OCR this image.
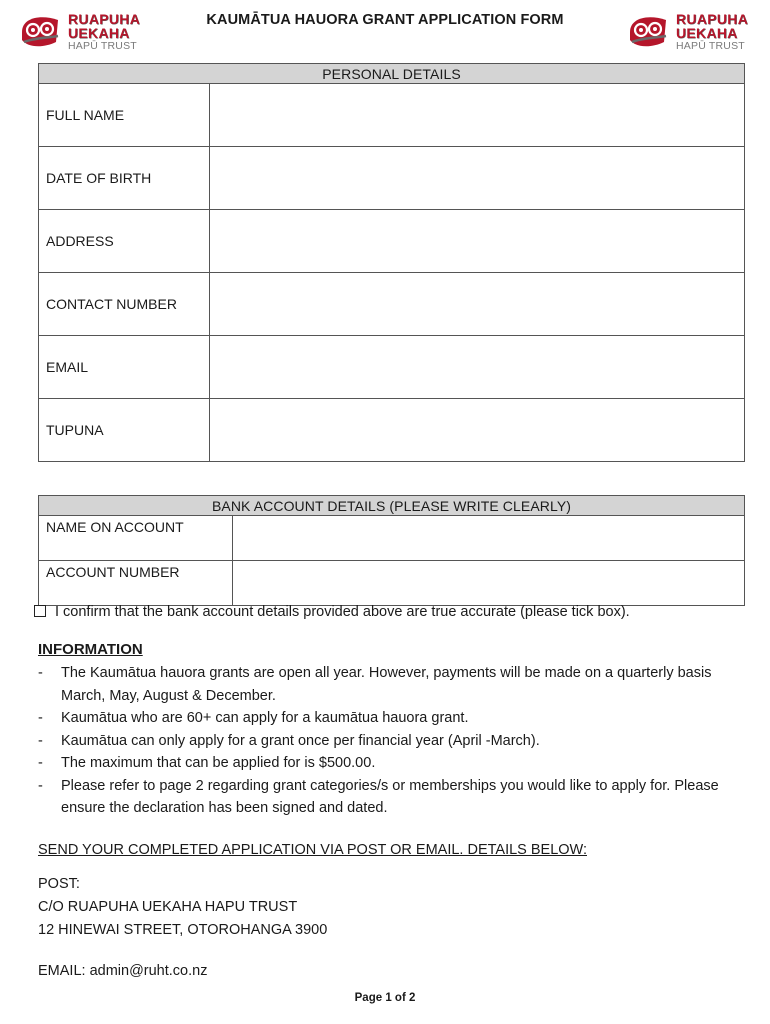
RUAPUHA
UEKAHA
HAPŪ TRUST
KAUMĀTUA HAUORA GRANT APPLICATION FORM	RUAPUHA
UEKAHA
HAPŪ TRUST
PERSONAL DETAILS	
FULL NAME	
DATE OF BIRTH	
ADDRESS	
CONTACT NUMBER	
EMAIL	
TUPUNA	
BANK ACCOUNT DETAILS (PLEASE WRITE CLEARLY)	
NAME ON ACCOUNT	
ACCOUNT NUMBER	
I confirm that the bank account details provided above are true accurate (please tick box).
INFORMATION
- The Kaumātua hauora grants are open all year. However, payments will be made on a quarterly basis March, May, August & December.
- Kaumātua who are 60+ can apply for a kaumātua hauora grant.
- Kaumātua can only apply for a grant once per financial year (April -March).
- The maximum that can be applied for is $500.00.
- Please refer to page 2 regarding grant categories/s or memberships you would like to apply for. Please ensure the declaration has been signed and dated.
SEND YOUR COMPLETED APPLICATION VIA POST OR EMAIL. DETAILS BELOW:
POST:
C/O RUAPUHA UEKAHA HAPU TRUST
12 HINEWAI STREET, OTOROHANGA 3900
EMAIL: admin@ruht.co.nz
Page 1 of 2
